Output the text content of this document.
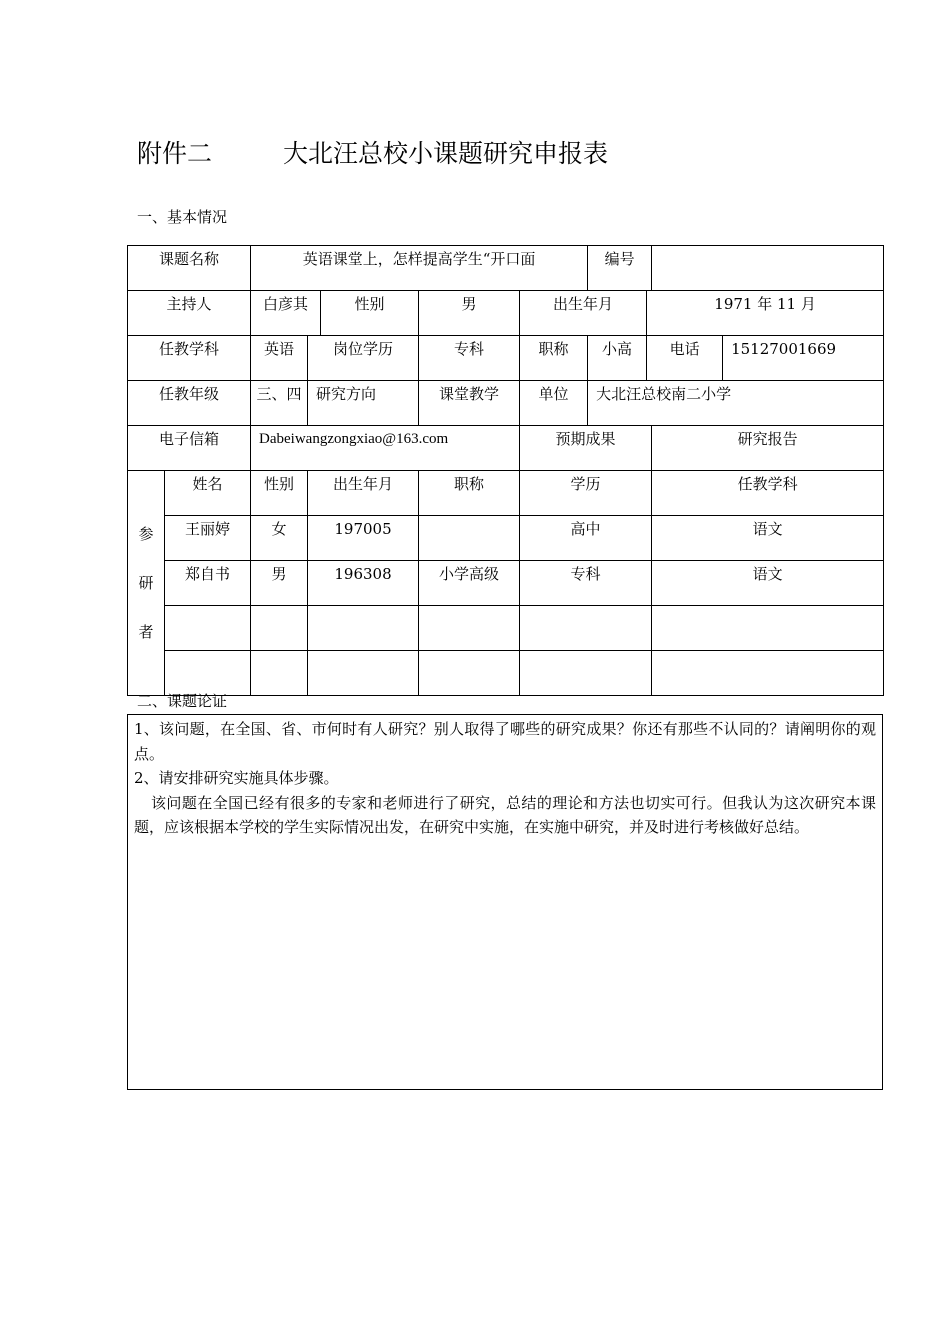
附件二	大北汪总校小课题研究申报表
一、基本情况
课题名称		英语课堂上，怎样提高学生“开口面					编号			

主持人		白彦其		性别	男	出生年月		1971 年 11 月		

任教学科		英语	岗位学历		专科	职称	小高	电话		15127001669

任教年级		三、四	研究方向		课堂教学	单位	大北汪总校南二小学			

电子信箱		Dabeiwangzongxiao@163.com				预期成果			研究报告	

参
研
者	姓名	性别	出生年月		职称	学历			任教学科	

	王丽婷	女	197005			高中			语文	

	郑自书	男	196308		小学高级	专科			语文	

二、课题论证

1、该问题，在全国、省、市何时有人研究？别人取得了哪些的研究成果？你还有那些不认同的？请阐明你的观点。

2、请安排研究实施具体步骤。

该问题在全国已经有很多的专家和老师进行了研究，总结的理论和方法也切实可行。但我认为这次研究本课题，应该根据本学校的学生实际情况出发，在研究中实施，在实施中研究，并及时进行考核做好总结。
